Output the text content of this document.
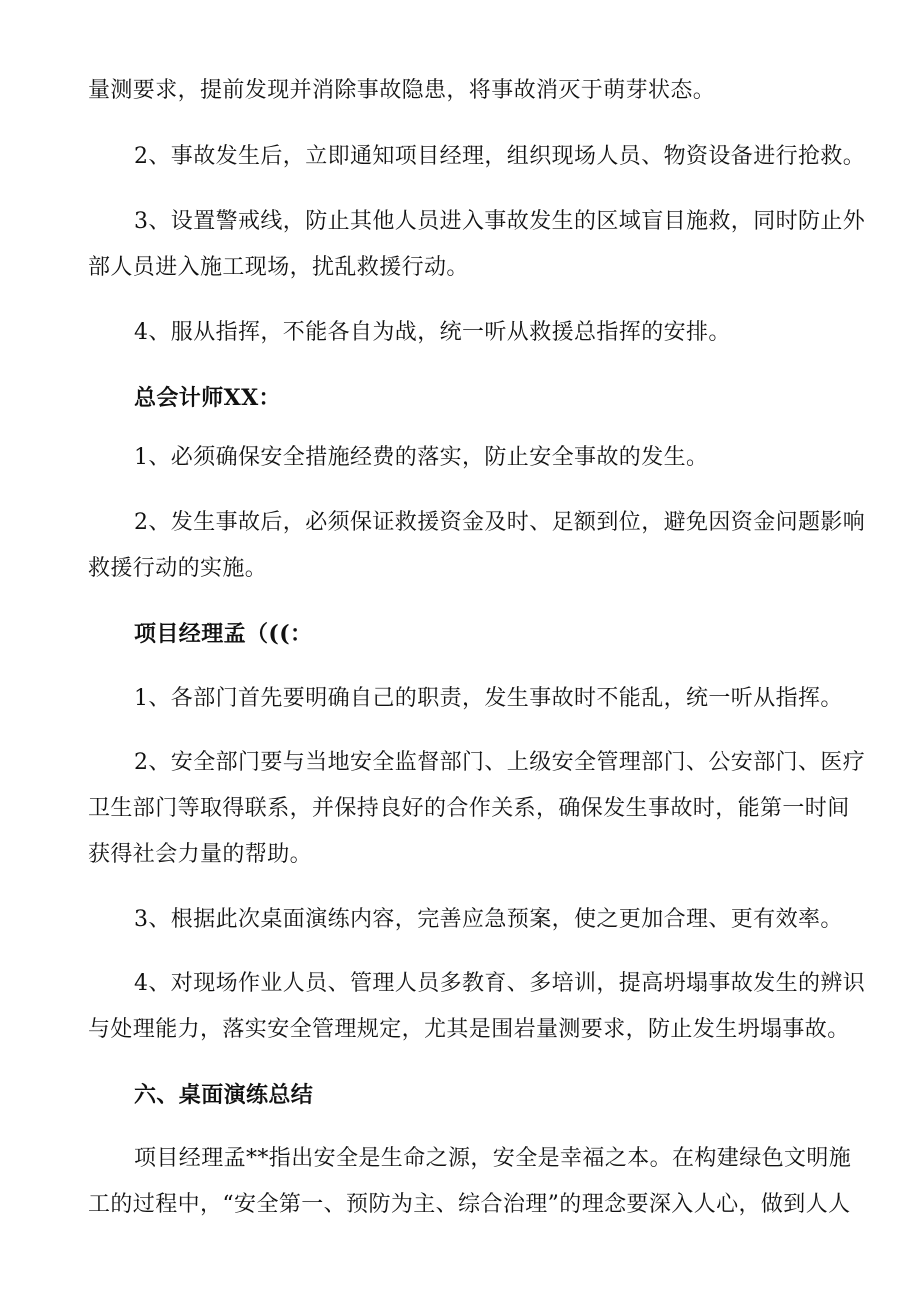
量测要求，提前发现并消除事故隐患，将事故消灭于萌芽状态。
2、事故发生后，立即通知项目经理，组织现场人员、物资设备进行抢救。
3、设置警戒线，防止其他人员进入事故发生的区域盲目施救，同时防止外
部人员进入施工现场，扰乱救援行动。
4、服从指挥，不能各自为战，统一听从救援总指挥的安排。
总会计师XX：
1、必须确保安全措施经费的落实，防止安全事故的发生。
2、发生事故后，必须保证救援资金及时、足额到位，避免因资金问题影响
救援行动的实施。
项目经理孟（((：
1、各部门首先要明确自己的职责，发生事故时不能乱，统一听从指挥。
2、安全部门要与当地安全监督部门、上级安全管理部门、公安部门、医疗
卫生部门等取得联系，并保持良好的合作关系，确保发生事故时，能第一时间
获得社会力量的帮助。
3、根据此次桌面演练内容，完善应急预案，使之更加合理、更有效率。
4、对现场作业人员、管理人员多教育、多培训，提高坍塌事故发生的辨识
与处理能力，落实安全管理规定，尤其是围岩量测要求，防止发生坍塌事故。
六、桌面演练总结
项目经理孟**指出安全是生命之源，安全是幸福之本。在构建绿色文明施
工的过程中，“安全第一、预防为主、综合治理”的理念要深入人心，做到人人
